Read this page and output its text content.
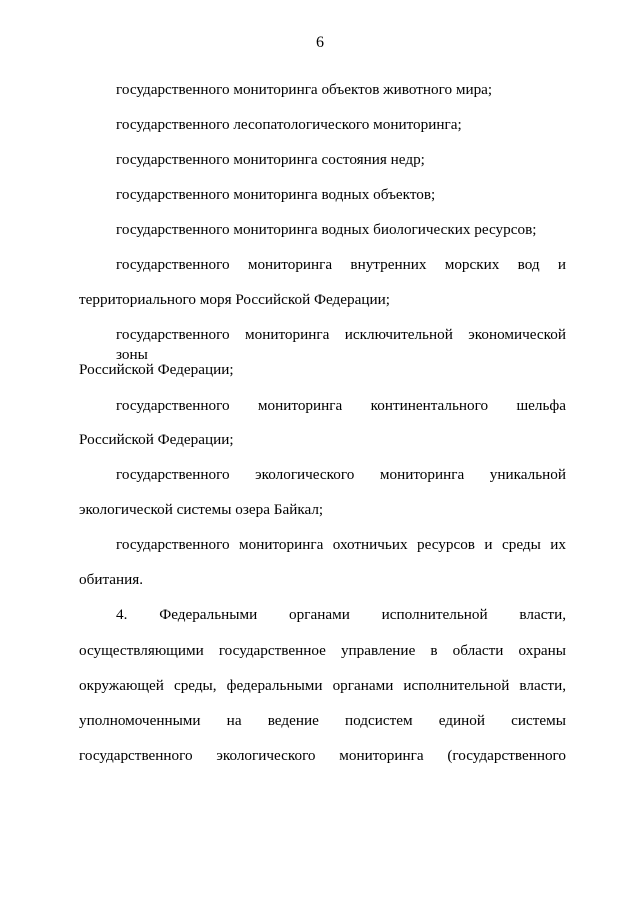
6
государственного мониторинга объектов животного мира;
государственного лесопатологического мониторинга;
государственного мониторинга состояния недр;
государственного мониторинга водных объектов;
государственного мониторинга водных биологических ресурсов;
государственного мониторинга внутренних морских вод и
территориального моря Российской Федерации;
государственного мониторинга исключительной экономической зоны
Российской Федерации;
государственного мониторинга континентального шельфа
Российской Федерации;
государственного экологического мониторинга уникальной
экологической системы озера Байкал;
государственного мониторинга охотничьих ресурсов и среды их
обитания.
4. Федеральными органами исполнительной власти,
осуществляющими государственное управление в области охраны
окружающей среды, федеральными органами исполнительной власти,
уполномоченными на ведение подсистем единой системы
государственного экологического мониторинга (государственного
